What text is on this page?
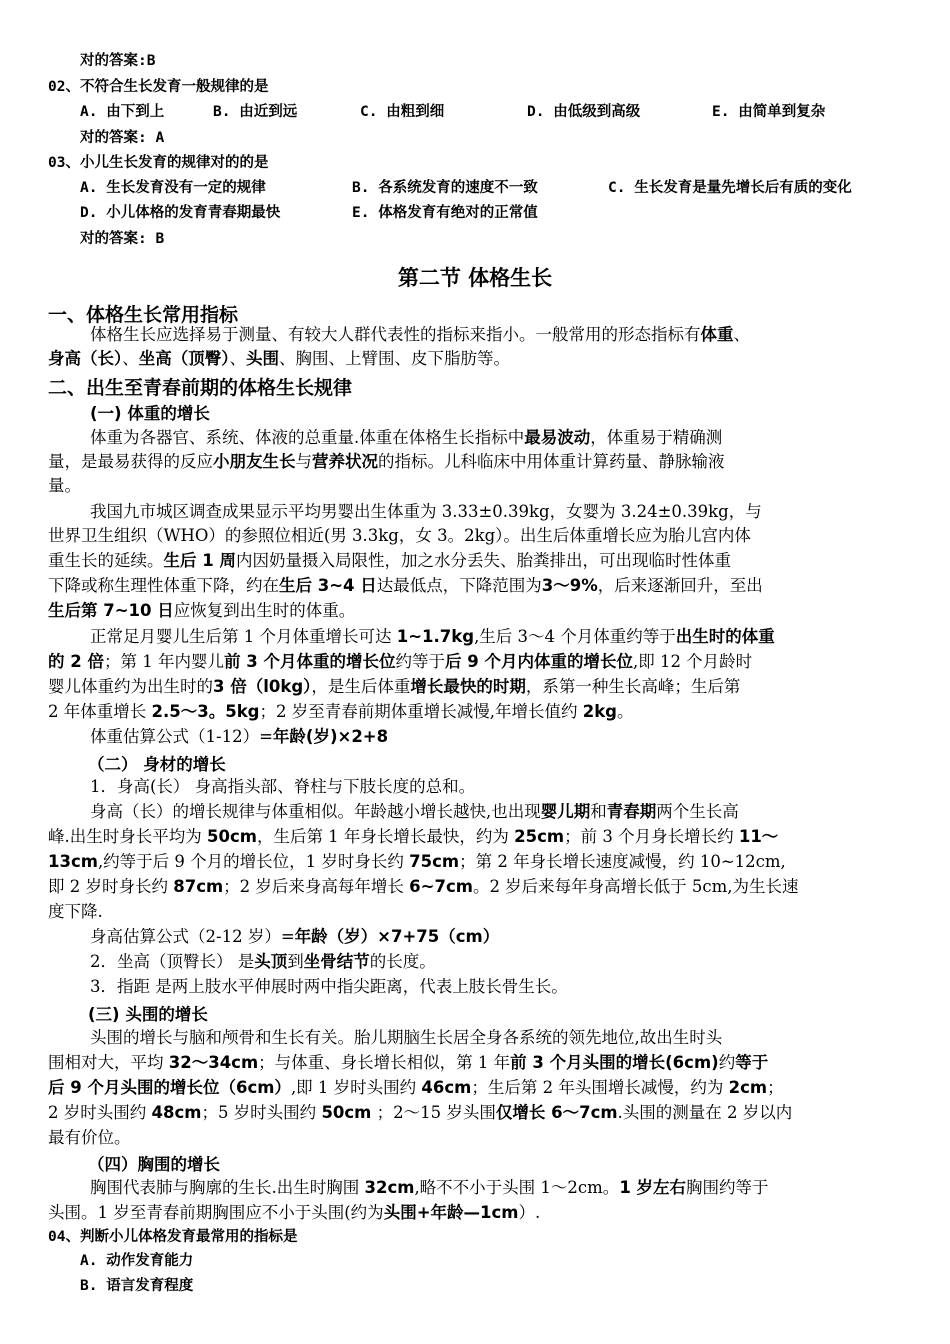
对的答案:B
02、不符合生长发育一般规律的是
A. 由下到上	B. 由近到远	C. 由粗到细	D. 由低级到高级	E. 由简单到复杂
对的答案: A
03、小儿生长发育的规律对的的是
A. 生长发育没有一定的规律	B. 各系统发育的速度不一致	C. 生长发育是量先增长后有质的变化
D. 小儿体格的发育青春期最快	E. 体格发育有绝对的正常值
对的答案: B
第二节 体格生长
一、体格生长常用指标
体格生长应选择易于测量、有较大人群代表性的指标来指小。一般常用的形态指标有体重、
身高（长）、坐高（顶臀）、头围、胸围、上臂围、皮下脂肪等。
二、出生至青春前期的体格生长规律
(一) 体重的增长
体重为各器官、系统、体液的总重量.体重在体格生长指标中最易波动，体重易于精确测
量，是最易获得的反应小朋友生长与营养状况的指标。儿科临床中用体重计算药量、静脉输液
量。
我国九市城区调查成果显示平均男婴出生体重为 3.33±0.39kg，女婴为 3.24±0.39kg，与
世界卫生组织（WHO）的参照位相近(男 3.3kg，女 3。2kg）。出生后体重增长应为胎儿宫内体
重生长的延续。生后 1 周内因奶量摄入局限性，加之水分丢失、胎粪排出，可出现临时性体重
下降或称生理性体重下降，约在生后 3~4 日达最低点，下降范围为3～9%，后来逐渐回升，至出
生后第 7~10 日应恢复到出生时的体重。
正常足月婴儿生后第 1 个月体重增长可达 1~1.7kg,生后 3～4 个月体重约等于出生时的体重
的 2 倍；第 1 年内婴儿前 3 个月体重的增长位约等于后 9 个月内体重的增长位,即 12 个月龄时
婴儿体重约为出生时的3 倍（l0kg），是生后体重增长最快的时期，系第一种生长高峰；生后第
2 年体重增长 2.5～3。5kg；2 岁至青春前期体重增长减慢,年增长值约 2kg。
体重估算公式（1-12）=年龄(岁)×2+8
（二） 身材的增长
1．身高(长） 身高指头部、脊柱与下肢长度的总和。
身高（长）的增长规律与体重相似。年龄越小增长越快,也出现婴儿期和青春期两个生长高
峰.出生时身长平均为 50cm，生后第 1 年身长增长最快，约为 25cm；前 3 个月身长增长约 11～
13cm,约等于后 9 个月的增长位，1 岁时身长约 75cm；第 2 年身长增长速度减慢，约 10~12cm,
即 2 岁时身长约 87cm；2 岁后来身高每年增长 6~7cm。2 岁后来每年身高增长低于 5cm,为生长速
度下降.
身高估算公式（2-12 岁）=年龄（岁）×7+75（cm）
2．坐高（顶臀长） 是头顶到坐骨结节的长度。
3．指距 是两上肢水平伸展时两中指尖距离，代表上肢长骨生长。
(三) 头围的增长
头围的增长与脑和颅骨和生长有关。胎儿期脑生长居全身各系统的领先地位,故出生时头
围相对大，平均 32～34cm；与体重、身长增长相似，第 1 年前 3 个月头围的增长(6cm)约等于
后 9 个月头围的增长位（6cm）,即 1 岁时头围约 46cm；生后第 2 年头围增长减慢，约为 2cm；
2 岁时头围约 48cm；5 岁时头围约 50cm ；2～15 岁头围仅增长 6～7cm.头围的测量在 2 岁以内
最有价位。
（四）胸围的增长
胸围代表肺与胸廓的生长.出生时胸围 32cm,略不不小于头围 1～2cm。1 岁左右胸围约等于
头围。1 岁至青春前期胸围应不小于头围(约为头围+年龄—1cm）.
04、判断小儿体格发育最常用的指标是
A. 动作发育能力
B. 语言发育程度
